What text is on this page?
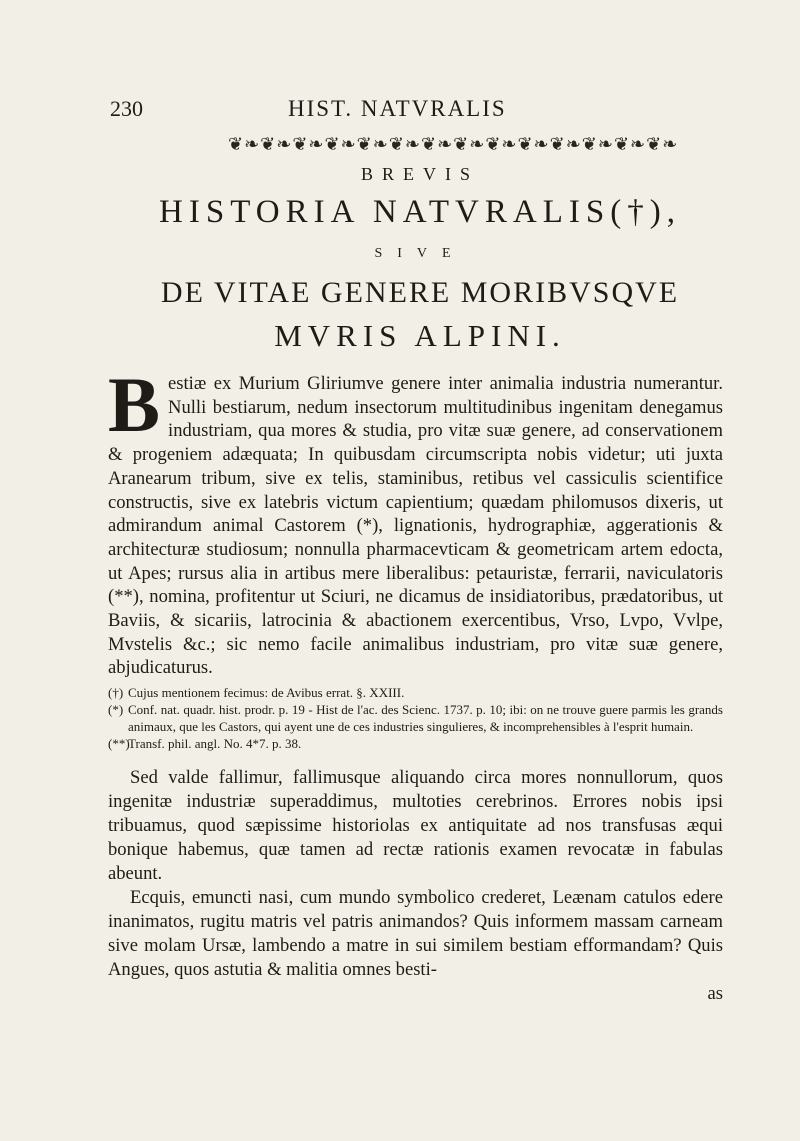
230	HIST. NATVRALIS
❦❧❦❧❦❧❦❧❦❧❦❧❦❧❦❧❦❧❦❧❦❧❦❧❦❧❦❧
BREVIS
HISTORIA NATVRALIS(†),
SIVE
DE VITAE GENERE MORIBVSQVE
MVRIS ALPINI.

Bestiæ ex Murium Gliriumve genere inter animalia industria numerantur. Nulli bestiarum, nedum insectorum multitudinibus ingenitam denegamus industriam, qua mores & studia, pro vitæ suæ genere, ad conservationem & progeniem adæquata; In quibusdam circumscripta nobis videtur; uti juxta Aranearum tribum, sive ex telis, staminibus, retibus vel cassiculis scientifice constructis, sive ex latebris victum capientium; quædam philomusos dixeris, ut admirandum animal Castorem (*), lignationis, hydrographiæ, aggerationis & architecturæ studiosum; nonnulla pharmacevticam & geometricam artem edocta, ut Apes; rursus alia in artibus mere liberalibus: petauristæ, ferrarii, naviculatoris (**), nomina, profitentur ut Sciuri, ne dicamus de insidiatoribus, prædatoribus, ut Baviis, & sicariis, latrocinia & abactionem exercentibus, Vrso, Lvpo, Vvlpe, Mvstelis &c.; sic nemo facile animalibus industriam, pro vitæ suæ genere, abjudicaturus.

(†) Cujus mentionem fecimus: de Avibus errat. §. XXIII.

(*) Conf. nat. quadr. hist. prodr. p. 19 - Hist de l'ac. des Scienc. 1737. p. 10; ibi: on ne trouve guere parmis les grands animaux, que les Castors, qui ayent une de ces industries singulieres, & incomprehensibles à l'esprit humain.

(**)Transf. phil. angl. No. 4*7. p. 38.

Sed valde fallimur, fallimusque aliquando circa mores nonnullorum, quos ingenitæ industriæ superaddimus, multoties cerebrinos. Errores nobis ipsi tribuamus, quod sæpissime historiolas ex antiquitate ad nos transfusas æqui bonique habemus, quæ tamen ad rectæ rationis examen revocatæ in fabulas abeunt.

Ecquis, emuncti nasi, cum mundo symbolico crederet, Leænam catulos edere inanimatos, rugitu matris vel patris animandos? Quis informem massam carneam sive molam Ursæ, lambendo a matre in sui similem bestiam efformandam? Quis Angues, quos astutia & malitia omnes besti-

as
